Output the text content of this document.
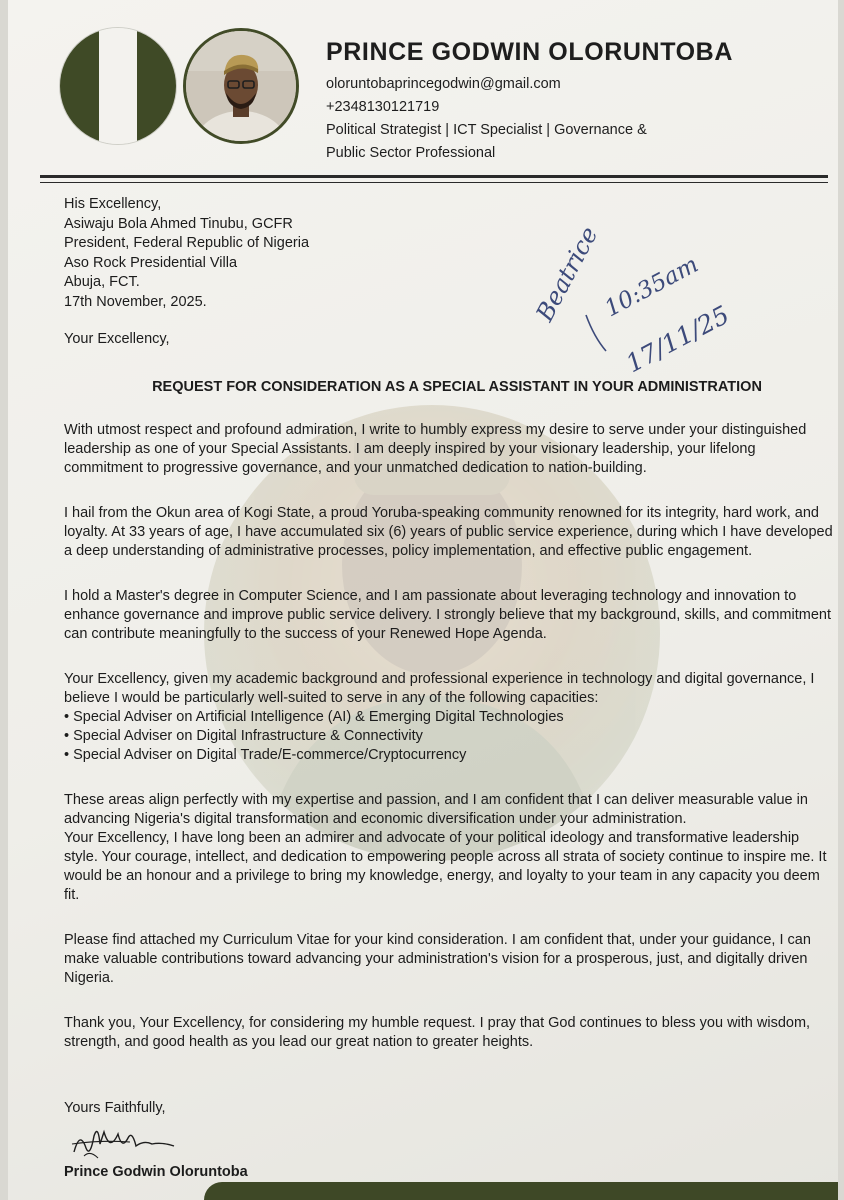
PRINCE GODWIN OLORUNTOBA
oloruntobaprincegodwin@gmail.com
+2348130121719
Political Strategist | ICT Specialist | Governance &
Public Sector Professional
His Excellency,
Asiwaju Bola Ahmed Tinubu, GCFR
President, Federal Republic of Nigeria
Aso Rock Presidential Villa
Abuja, FCT.
17th November, 2025.
Your Excellency,
REQUEST FOR CONSIDERATION AS A SPECIAL ASSISTANT IN YOUR ADMINISTRATION

With utmost respect and profound admiration, I write to humbly express my desire to serve under your distinguished leadership as one of your Special Assistants. I am deeply inspired by your visionary leadership, your lifelong commitment to progressive governance, and your unmatched dedication to nation-building.

I hail from the Okun area of Kogi State, a proud Yoruba-speaking community renowned for its integrity, hard work, and loyalty. At 33 years of age, I have accumulated six (6) years of public service experience, during which I have developed a deep understanding of administrative processes, policy implementation, and effective public engagement.

I hold a Master's degree in Computer Science, and I am passionate about leveraging technology and innovation to enhance governance and improve public service delivery. I strongly believe that my background, skills, and commitment can contribute meaningfully to the success of your Renewed Hope Agenda.

Your Excellency, given my academic background and professional experience in technology and digital governance, I believe I would be particularly well-suited to serve in any of the following capacities:

• Special Adviser on Artificial Intelligence (AI) & Emerging Digital Technologies
• Special Adviser on Digital Infrastructure & Connectivity
• Special Adviser on Digital Trade/E-commerce/Cryptocurrency

These areas align perfectly with my expertise and passion, and I am confident that I can deliver measurable value in advancing Nigeria's digital transformation and economic diversification under your administration.

Your Excellency, I have long been an admirer and advocate of your political ideology and transformative leadership style. Your courage, intellect, and dedication to empowering people across all strata of society continue to inspire me. It would be an honour and a privilege to bring my knowledge, energy, and loyalty to your team in any capacity you deem fit.

Please find attached my Curriculum Vitae for your kind consideration. I am confident that, under your guidance, I can make valuable contributions toward advancing your administration's vision for a prosperous, just, and digitally driven Nigeria.

Thank you, Your Excellency, for considering my humble request. I pray that God continues to bless you with wisdom, strength, and good health as you lead our great nation to greater heights.

Yours Faithfully,
Prince Godwin Oloruntoba
Beatrice
10:35am
17/11/25
